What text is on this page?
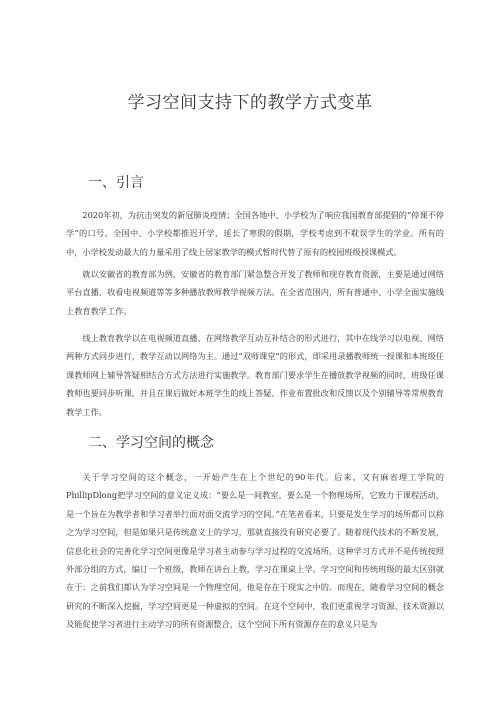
学习空间支持下的教学方式变革
一、引言
2020年初，为抗击突发的新冠肺炎疫情；全国各地中、小学校为了响应我国教育部提倡的“停课不停学”的口号。全国中、小学校都推迟开学、延长了寒假的假期，学校考虑到不耽误学生的学业。所有的中，小学校发动最大的力量采用了线上居家教学的模式暂时代替了原有的校园班级授课模式。
就以安徽省的教育部为例，安徽省的教育部门紧急整合开发了教师和现存教育资源，主要是通过网络平台直播、收看电视频道等等多种播放教师教学视频方法。在全省范围内，所有普通中、小学全面实施线上教育教学工作。
线上教育教学以在电视频道直播、在网络教学互动互补结合的形式进行，其中在线学习以电视、网络两种方式同步进行，教学互动以网络为主。通过“双师课堂”的形式，即采用录播教师统一授课和本班级任课教师网上辅导答疑相结合方式方法进行实施教学。教育部门要求学生在播放教学视频的同时，班级任课教师也要同步听课，并且在课后做好本班学生的线上答疑、作业布置批改和反馈以及个别辅导等常规教育教学工作。
二、学习空间的概念
关于学习空间的这个概念，一开始产生在上个世纪的90年代。后来，又有麻省理工学院的PhillipDlong把学习空间的意义定义成：“要么是一间教室，要么是一个物理场所，它致力于课程活动，是一个旨在为教学者和学习者举行面对面交流学习的空间。”在笔者看来，只要是发生学习的场所都可以称之为学习空间，但是如果只是传统意义上的学习，那就直接没有研究必要了。随着现代技术的不断发展，信息化社会的完善化学习空间更像是学习者主动参与学习过程的交流场所。这种学习方式并不是传统按照外部分组的方式，编订一个班级，教师在讲台上教，学习在课桌上学。学习空间和传统班级的最大区别就在于：之前我们都认为学习空间是一个物理空间，他是存在于现实之中的。而现在，随着学习空间的概念研究的不断深入挖掘，学习空间更是一种虚拟的空间。在这个空间中，我们更重视学习资源、技术资源以及能促使学习者进行主动学习的所有资源整合，这个空间下所有资源存在的意义只是为
